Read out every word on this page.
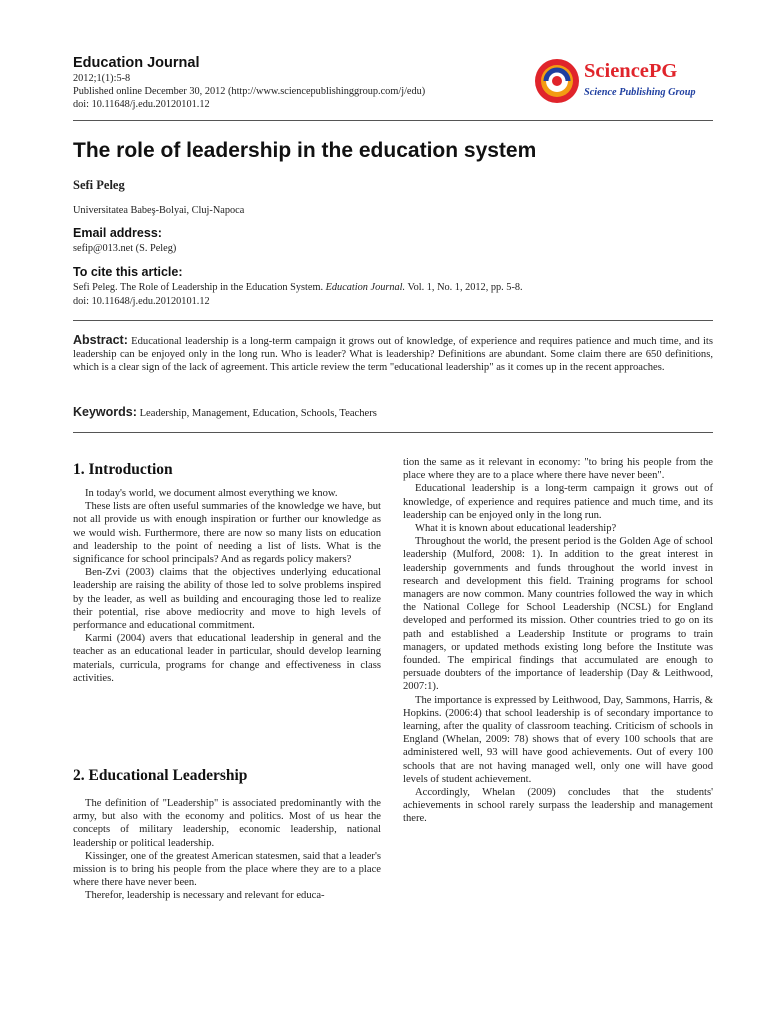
Education Journal
2012;1(1):5-8
Published online December 30, 2012 (http://www.sciencepublishinggroup.com/j/edu)
doi: 10.11648/j.edu.20120101.12
SciencePG
Science Publishing Group
The role of leadership in the education system
Sefi Peleg
Universitatea Babeş-Bolyai, Cluj-Napoca
Email address:
sefip@013.net (S. Peleg)
To cite this article:
Sefi Peleg. The Role of Leadership in the Education System. Education Journal. Vol. 1, No. 1, 2012, pp. 5-8.
doi: 10.11648/j.edu.20120101.12
Abstract: Educational leadership is a long-term campaign it grows out of knowledge, of experience and requires patience and much time, and its leadership can be enjoyed only in the long run. Who is leader? What is leadership? Definitions are abundant. Some claim there are 650 definitions, which is a clear sign of the lack of agreement. This article review the term "educational leadership" as it comes up in the recent approaches.
Keywords: Leadership, Management, Education, Schools, Teachers
1. Introduction

In today's world, we document almost everything we know.

These lists are often useful summaries of the knowledge we have, but not all provide us with enough inspiration or further our knowledge as we would wish. Furthermore, there are now so many lists on education and leadership to the point of needing a list of lists. What is the significance for school principals? And as regards policy makers?

Ben-Zvi (2003) claims that the objectives underlying educational leadership are raising the ability of those led to solve problems inspired by the leader, as well as building and encouraging those led to realize their potential, rise above mediocrity and move to high levels of performance and educational commitment.

Karmi (2004) avers that educational leadership in general and the teacher as an educational leader in particular, should develop learning materials, curricula, programs for change and effectiveness in class activities.

2. Educational Leadership

The definition of "Leadership" is associated predominantly with the army, but also with the economy and politics. Most of us hear the concepts of military leadership, economic leadership, national leadership or political leadership.

Kissinger, one of the greatest American statesmen, said that a leader's mission is to bring his people from the place where they are to a place where there have never been.

Therefor, leadership is necessary and relevant for educa-

tion the same as it relevant in economy: "to bring his people from the place where they are to a place where there have never been".

Educational leadership is a long-term campaign it grows out of knowledge, of experience and requires patience and much time, and its leadership can be enjoyed only in the long run.

What it is known about educational leadership?

Throughout the world, the present period is the Golden Age of school leadership (Mulford, 2008: 1). In addition to the great interest in leadership governments and funds throughout the world invest in research and development this field. Training programs for school managers are now common. Many countries followed the way in which the National College for School Leadership (NCSL) for England developed and performed its mission. Other countries tried to go on its path and established a Leadership Institute or programs to train managers, or updated methods existing long before the Institute was founded. The empirical findings that accumulated are enough to persuade doubters of the importance of leadership (Day & Leithwood, 2007:1).

The importance is expressed by Leithwood, Day, Sammons, Harris, & Hopkins. (2006:4) that school leadership is of secondary importance to learning, after the quality of classroom teaching. Criticism of schools in England (Whelan, 2009: 78) shows that of every 100 schools that are administered well, 93 will have good achievements. Out of every 100 schools that are not having managed well, only one will have good levels of student achievement.

Accordingly, Whelan (2009) concludes that the students' achievements in school rarely surpass the leadership and management there.
